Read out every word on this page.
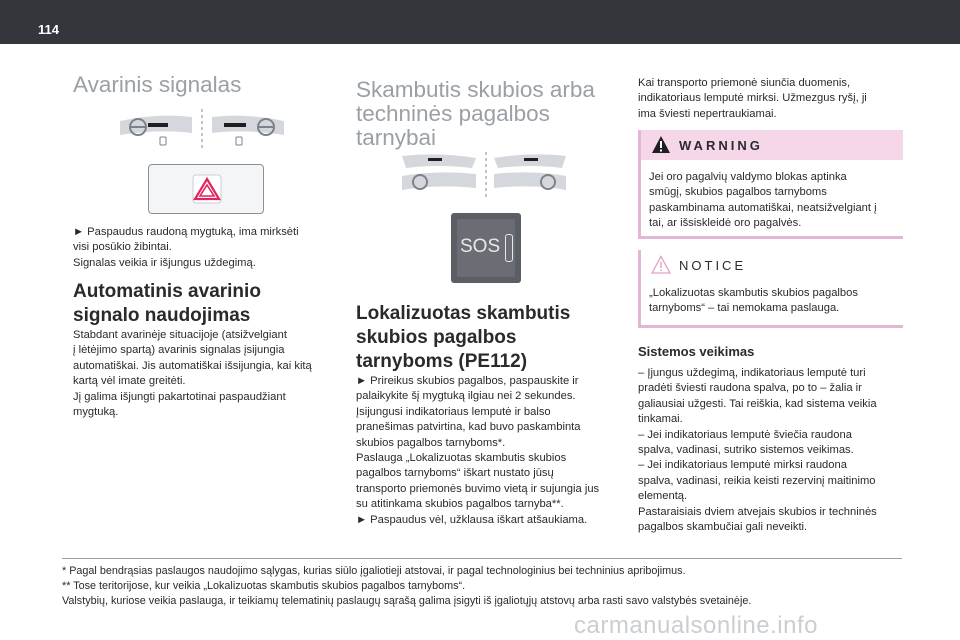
114
Avarinis signalas
► Paspaudus raudoną mygtuką, ima mirksėti
visi posūkio žibintai.
Signalas veikia ir išjungus uždegimą.
Automatinis avarinio
signalo naudojimas
Stabdant avarinėje situacijoje (atsižvelgiant
į lėtėjimo spartą) avarinis signalas įsijungia
automatiškai. Jis automatiškai išsijungia, kai kitą
kartą vėl imate greitėti.
Jį galima išjungti pakartotinai paspaudžiant
mygtuką.
Skambutis skubios arba
techninės pagalbos
tarnybai
SOS
Lokalizuotas skambutis
skubios pagalbos
tarnyboms (PE112)
► Prireikus skubios pagalbos, paspauskite ir
palaikykite šį mygtuką ilgiau nei 2 sekundes.
Įsijungusi indikatoriaus lemputė ir balso
pranešimas patvirtina, kad buvo paskambinta
skubios pagalbos tarnyboms*.
Paslauga „Lokalizuotas skambutis skubios
pagalbos tarnyboms“ iškart nustato jūsų
transporto priemonės buvimo vietą ir sujungia jus
su atitinkama skubios pagalbos tarnyba**.
► Paspaudus vėl, užklausa iškart atšaukiama.
Kai transporto priemonė siunčia duomenis,
indikatoriaus lemputė mirksi. Užmezgus ryšį, ji
ima šviesti nepertraukiamai.
WARNING
Jei oro pagalvių valdymo blokas aptinka
smūgį, skubios pagalbos tarnyboms
paskambinama automatiškai, neatsižvelgiant į
tai, ar išsiskleidė oro pagalvės.
NOTICE
„Lokalizuotas skambutis skubios pagalbos
tarnyboms“ – tai nemokama paslauga.
Sistemos veikimas
– Įjungus uždegimą, indikatoriaus lemputė turi
pradėti šviesti raudona spalva, po to – žalia ir
galiausiai užgesti. Tai reiškia, kad sistema veikia
tinkamai.
– Jei indikatoriaus lemputė šviečia raudona
spalva, vadinasi, sutriko sistemos veikimas.
– Jei indikatoriaus lemputė mirksi raudona
spalva, vadinasi, reikia keisti rezervinį maitinimo
elementą.
Pastaraisiais dviem atvejais skubios ir techninės
pagalbos skambučiai gali neveikti.
* Pagal bendrąsias paslaugos naudojimo sąlygas, kurias siūlo įgaliotieji atstovai, ir pagal technologinius bei techninius apribojimus.
** Tose teritorijose, kur veikia „Lokalizuotas skambutis skubios pagalbos tarnyboms“.
Valstybių, kuriose veikia paslauga, ir teikiamų telematinių paslaugų sąrašą galima įsigyti iš įgaliotųjų atstovų arba rasti savo valstybės svetainėje.
carmanualsonline.info
